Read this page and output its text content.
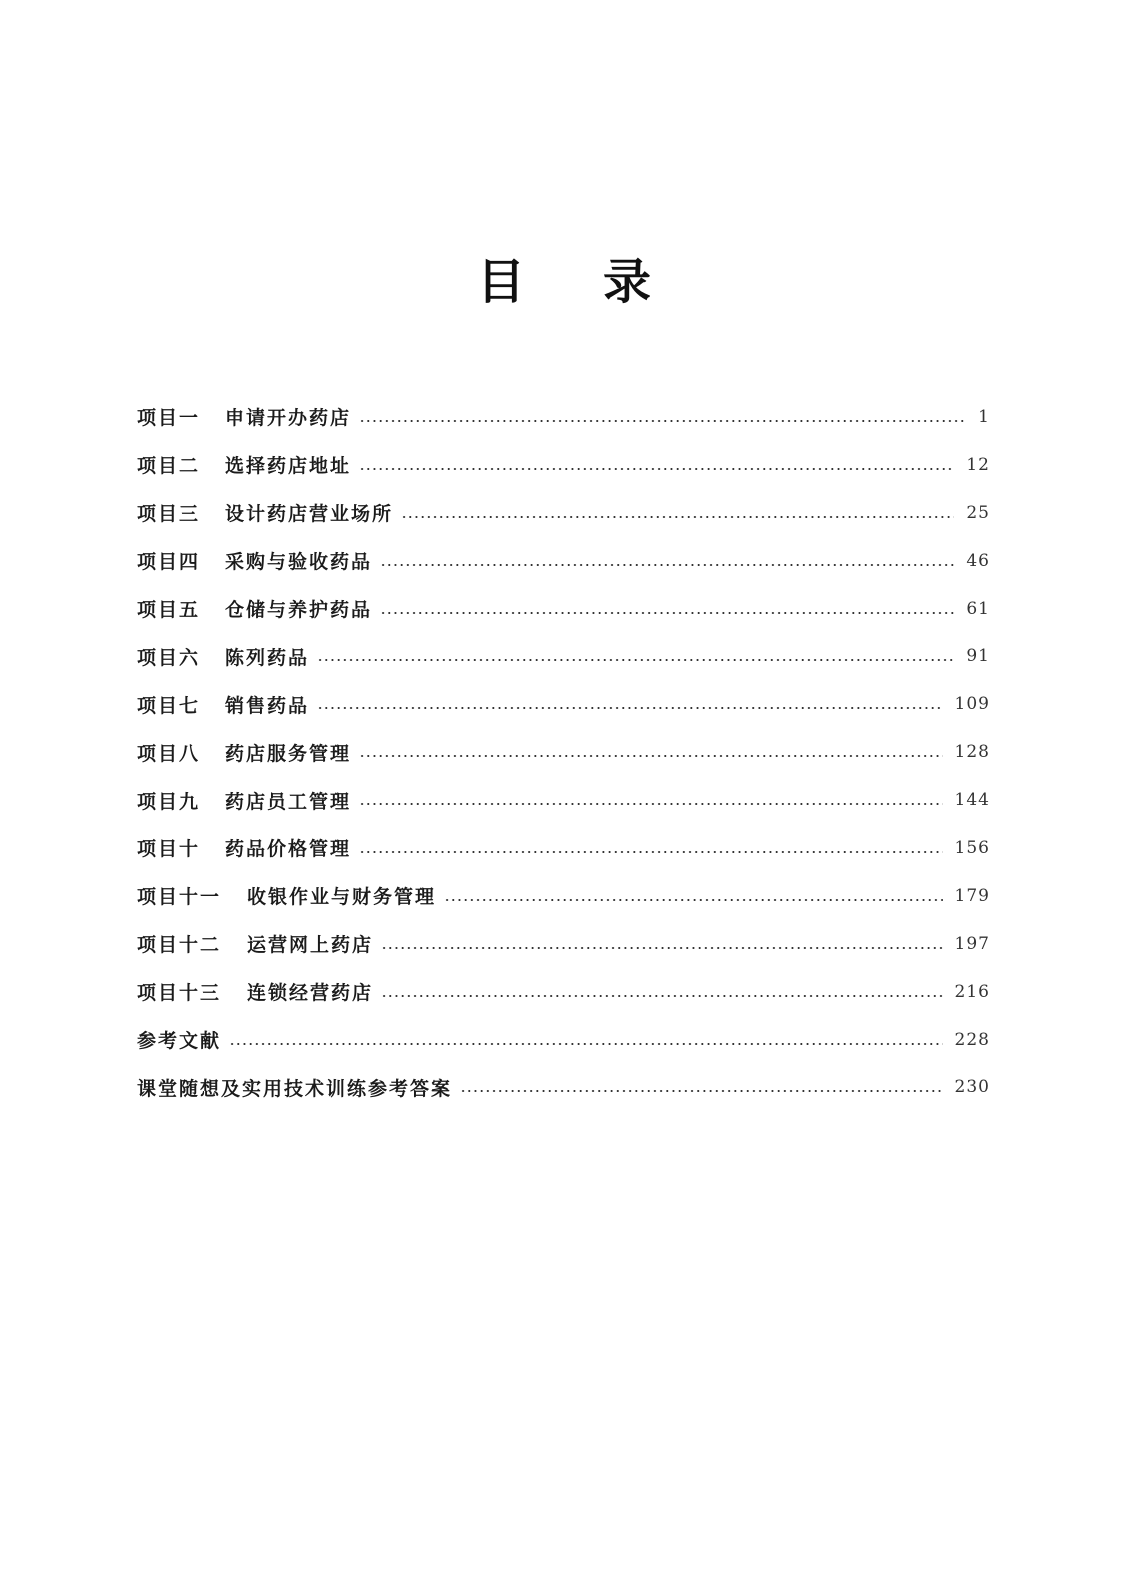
目 录
项目一 申请开办药店	1
项目二 选择药店地址	12
项目三 设计药店营业场所	25
项目四 采购与验收药品	46
项目五 仓储与养护药品	61
项目六 陈列药品	91
项目七 销售药品	109
项目八 药店服务管理	128
项目九 药店员工管理	144
项目十 药品价格管理	156
项目十一 收银作业与财务管理	179
项目十二 运营网上药店	197
项目十三 连锁经营药店	216
参考文献	228
课堂随想及实用技术训练参考答案	230
